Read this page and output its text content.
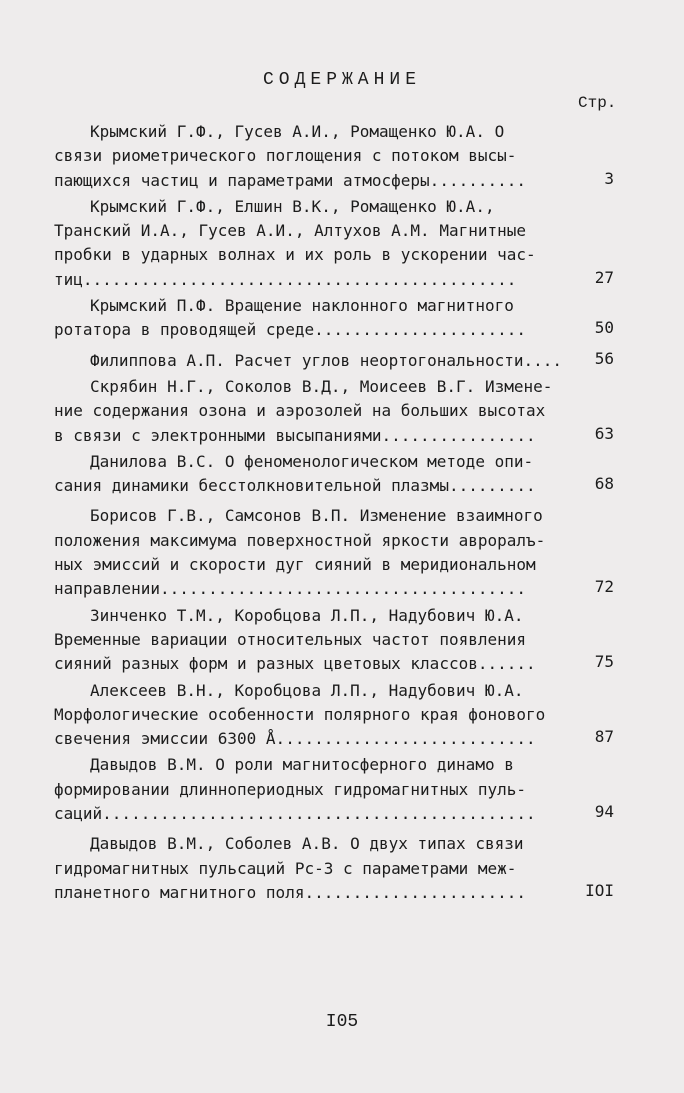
СОДЕРЖАНИЕ
Стр.
Крымский Г.Ф., Гусев А.И., Ромащенко Ю.А. О
связи риометрического поглощения с потоком высы-
пающихся частиц и параметрами атмосферы..........	3
Крымский Г.Ф., Елшин В.К., Ромащенко Ю.А.,
Транский И.А., Гусев А.И., Алтухов А.М. Магнитные
пробки в ударных волнах и их роль в ускорении час-
тиц.............................................	27
Крымский П.Ф. Вращение наклонного магнитного
ротатора в проводящей среде......................	50
Филиппова А.П. Расчет углов неортогональности....	56
Скрябин Н.Г., Соколов В.Д., Моисеев В.Г. Измене-
ние содержания озона и аэрозолей на больших высотах
в связи с электронными высыпаниями................	63
Данилова В.С. О феноменологическом методе опи-
сания динамики бесстолкновительной плазмы.........	68
Борисов Г.В., Самсонов В.П. Изменение взаимного
положения максимума поверхностной яркости авроралъ-
ных эмиссий и скорости дуг сияний в меридиональном
направлении......................................	72
Зинченко Т.М., Коробцова Л.П., Надубович Ю.А.
Временные вариации относительных частот появления
сияний разных форм и разных цветовых классов......	75
Алексеев В.Н., Коробцова Л.П., Надубович Ю.А.
Морфологические особенности полярного края фонового
свечения эмиссии 6300 Å...........................	87
Давыдов В.М. О роли магнитосферного динамо в
формировании длиннопериодных гидромагнитных пуль-
саций.............................................	94
Давыдов В.М., Соболев А.В. О двух типах связи
гидромагнитных пульсаций Рс-3 с параметрами меж-
планетного магнитного поля.......................	IOI
I05
